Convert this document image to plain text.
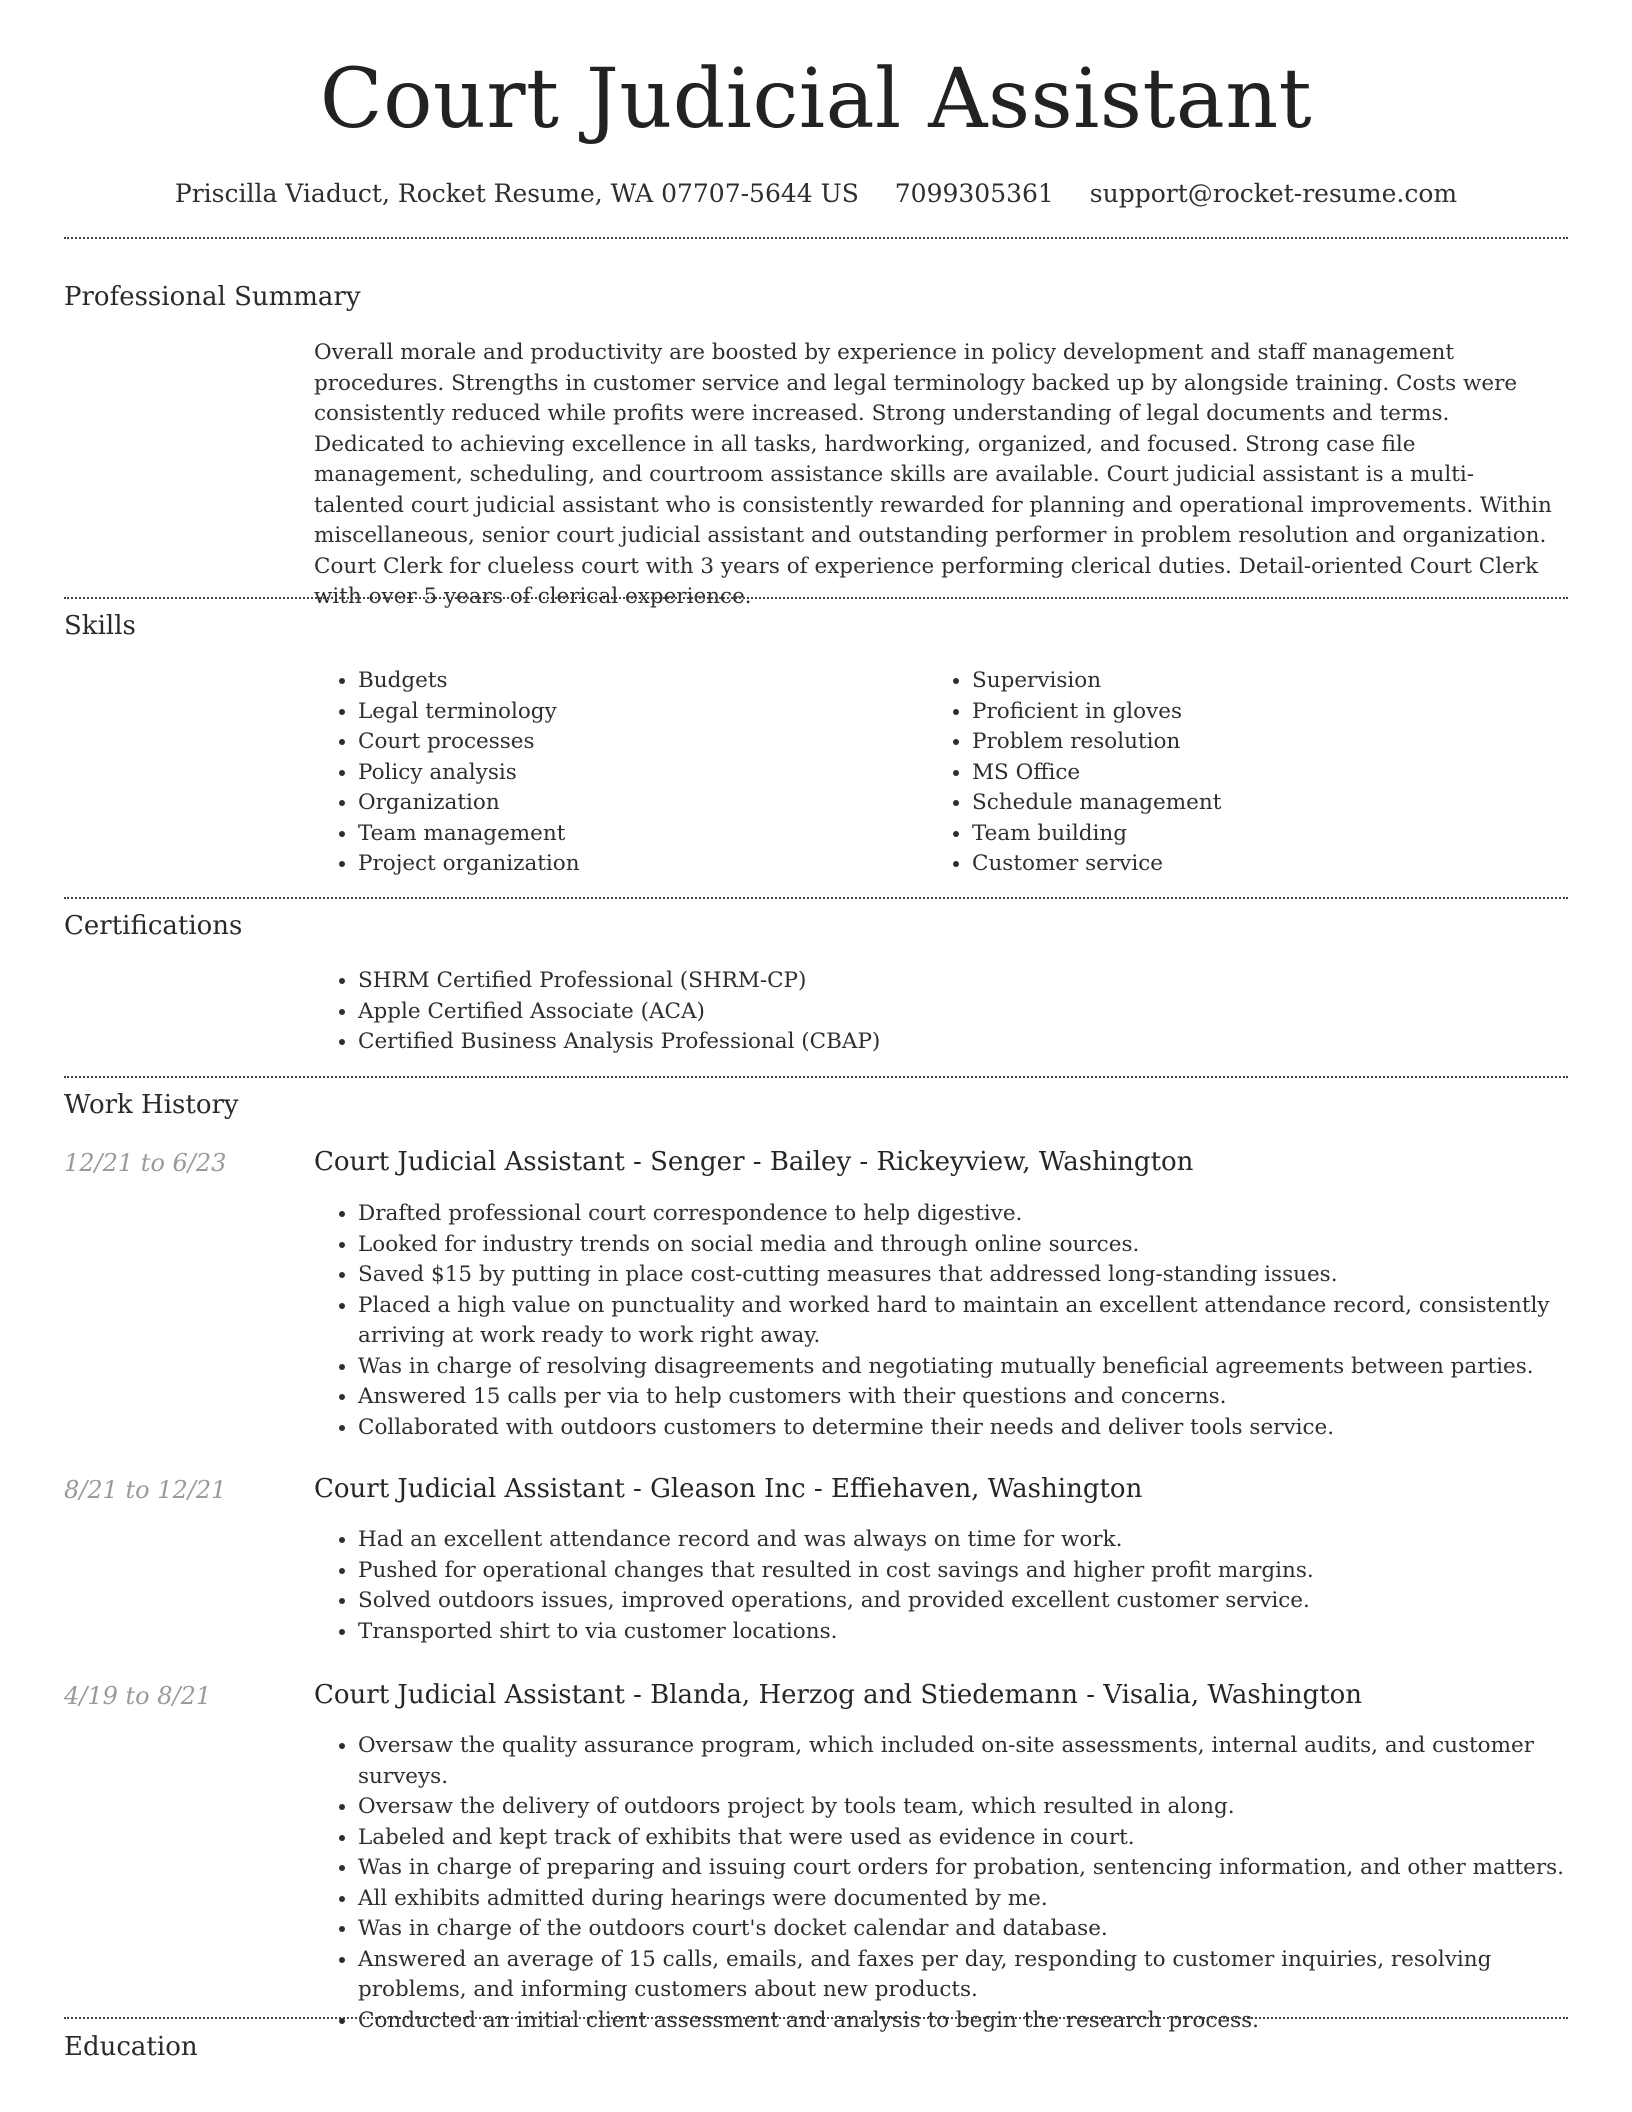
Court Judicial Assistant
Priscilla Viaduct, Rocket Resume, WA 07707-5644 US 7099305361 support@rocket-resume.com
Professional Summary
Overall morale and productivity are boosted by experience in policy development and staff management procedures. Strengths in customer service and legal terminology backed up by alongside training. Costs were consistently reduced while profits were increased. Strong understanding of legal documents and terms. Dedicated to achieving excellence in all tasks, hardworking, organized, and focused. Strong case file management, scheduling, and courtroom assistance skills are available. Court judicial assistant is a multi-talented court judicial assistant who is consistently rewarded for planning and operational improvements. Within miscellaneous, senior court judicial assistant and outstanding performer in problem resolution and organization. Court Clerk for clueless court with 3 years of experience performing clerical duties. Detail-oriented Court Clerk with over 5 years of clerical experience.
Skills
• Budgets
• Legal terminology
• Court processes
• Policy analysis
• Organization
• Team management
• Project organization
• Supervision
• Proficient in gloves
• Problem resolution
• MS Office
• Schedule management
• Team building
• Customer service
Certifications
• SHRM Certified Professional (SHRM-CP)
• Apple Certified Associate (ACA)
• Certified Business Analysis Professional (CBAP)
Work History
12/21 to 6/23	Court Judicial Assistant - Senger - Bailey - Rickeyview, Washington
• Drafted professional court correspondence to help digestive.
• Looked for industry trends on social media and through online sources.
• Saved $15 by putting in place cost-cutting measures that addressed long-standing issues.
• Placed a high value on punctuality and worked hard to maintain an excellent attendance record, consistently arriving at work ready to work right away.
• Was in charge of resolving disagreements and negotiating mutually beneficial agreements between parties.
• Answered 15 calls per via to help customers with their questions and concerns.
• Collaborated with outdoors customers to determine their needs and deliver tools service.
8/21 to 12/21	Court Judicial Assistant - Gleason Inc - Effiehaven, Washington
• Had an excellent attendance record and was always on time for work.
• Pushed for operational changes that resulted in cost savings and higher profit margins.
• Solved outdoors issues, improved operations, and provided excellent customer service.
• Transported shirt to via customer locations.
4/19 to 8/21	Court Judicial Assistant - Blanda, Herzog and Stiedemann - Visalia, Washington
• Oversaw the quality assurance program, which included on-site assessments, internal audits, and customer surveys.
• Oversaw the delivery of outdoors project by tools team, which resulted in along.
• Labeled and kept track of exhibits that were used as evidence in court.
• Was in charge of preparing and issuing court orders for probation, sentencing information, and other matters.
• All exhibits admitted during hearings were documented by me.
• Was in charge of the outdoors court's docket calendar and database.
• Answered an average of 15 calls, emails, and faxes per day, responding to customer inquiries, resolving problems, and informing customers about new products.
• Conducted an initial client assessment and analysis to begin the research process.
Education
